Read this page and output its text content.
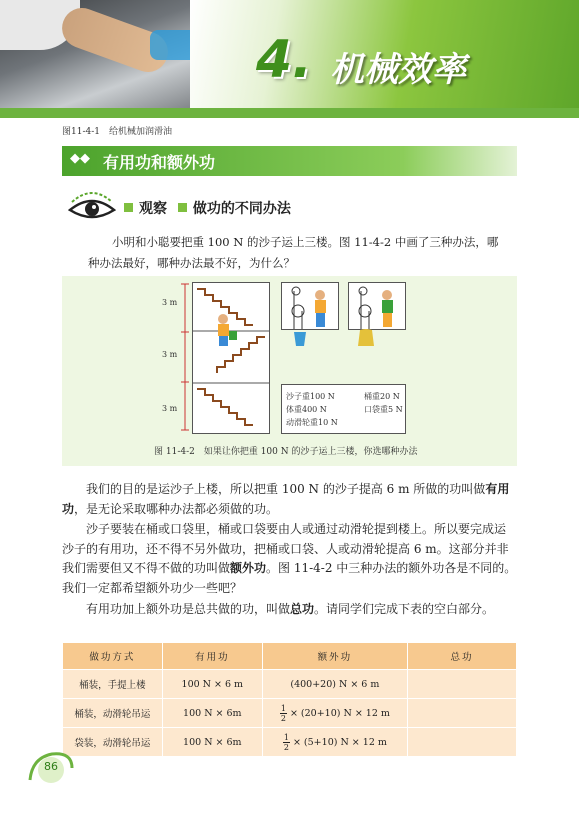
4. 机械效率
图11-4-1　给机械加润滑油
◆◆ 有用功和额外功
观察 做功的不同办法
小明和小聪要把重 100 N 的沙子运上三楼。图 11-4-2 中画了三种办法，哪种办法最好，哪种办法最不好，为什么？
3 m
3 m
3 m
沙子重100 N
体重400 N
动滑轮重10 N
桶重20 N
口袋重5 N
图 11-4-2　如果让你把重 100 N 的沙子运上三楼，你选哪种办法
我们的目的是运沙子上楼，所以把重 100 N 的沙子提高 6 m 所做的功叫做有用功，是无论采取哪种办法都必须做的功。
沙子要装在桶或口袋里，桶或口袋要由人或通过动滑轮提到楼上。所以要完成运沙子的有用功，还不得不另外做功，把桶或口袋、人或动滑轮提高 6 m。这部分并非我们需要但又不得不做的功叫做额外功。图 11-4-2 中三种办法的额外功各是不同的。我们一定都希望额外功少一些吧？
有用功加上额外功是总共做的功，叫做总功。请同学们完成下表的空白部分。
做功方式	有用功	额外功	总功
桶装，手提上楼	100 N × 6 m	(400+20) N × 6 m	
桶装，动滑轮吊运	100 N × 6m	$\frac{1}{2} \times (20+10) N \times 12$ m	
袋装，动滑轮吊运	100 N × 6m	$\frac{1}{2} \times (5+10) N \times 12$ m	
86
